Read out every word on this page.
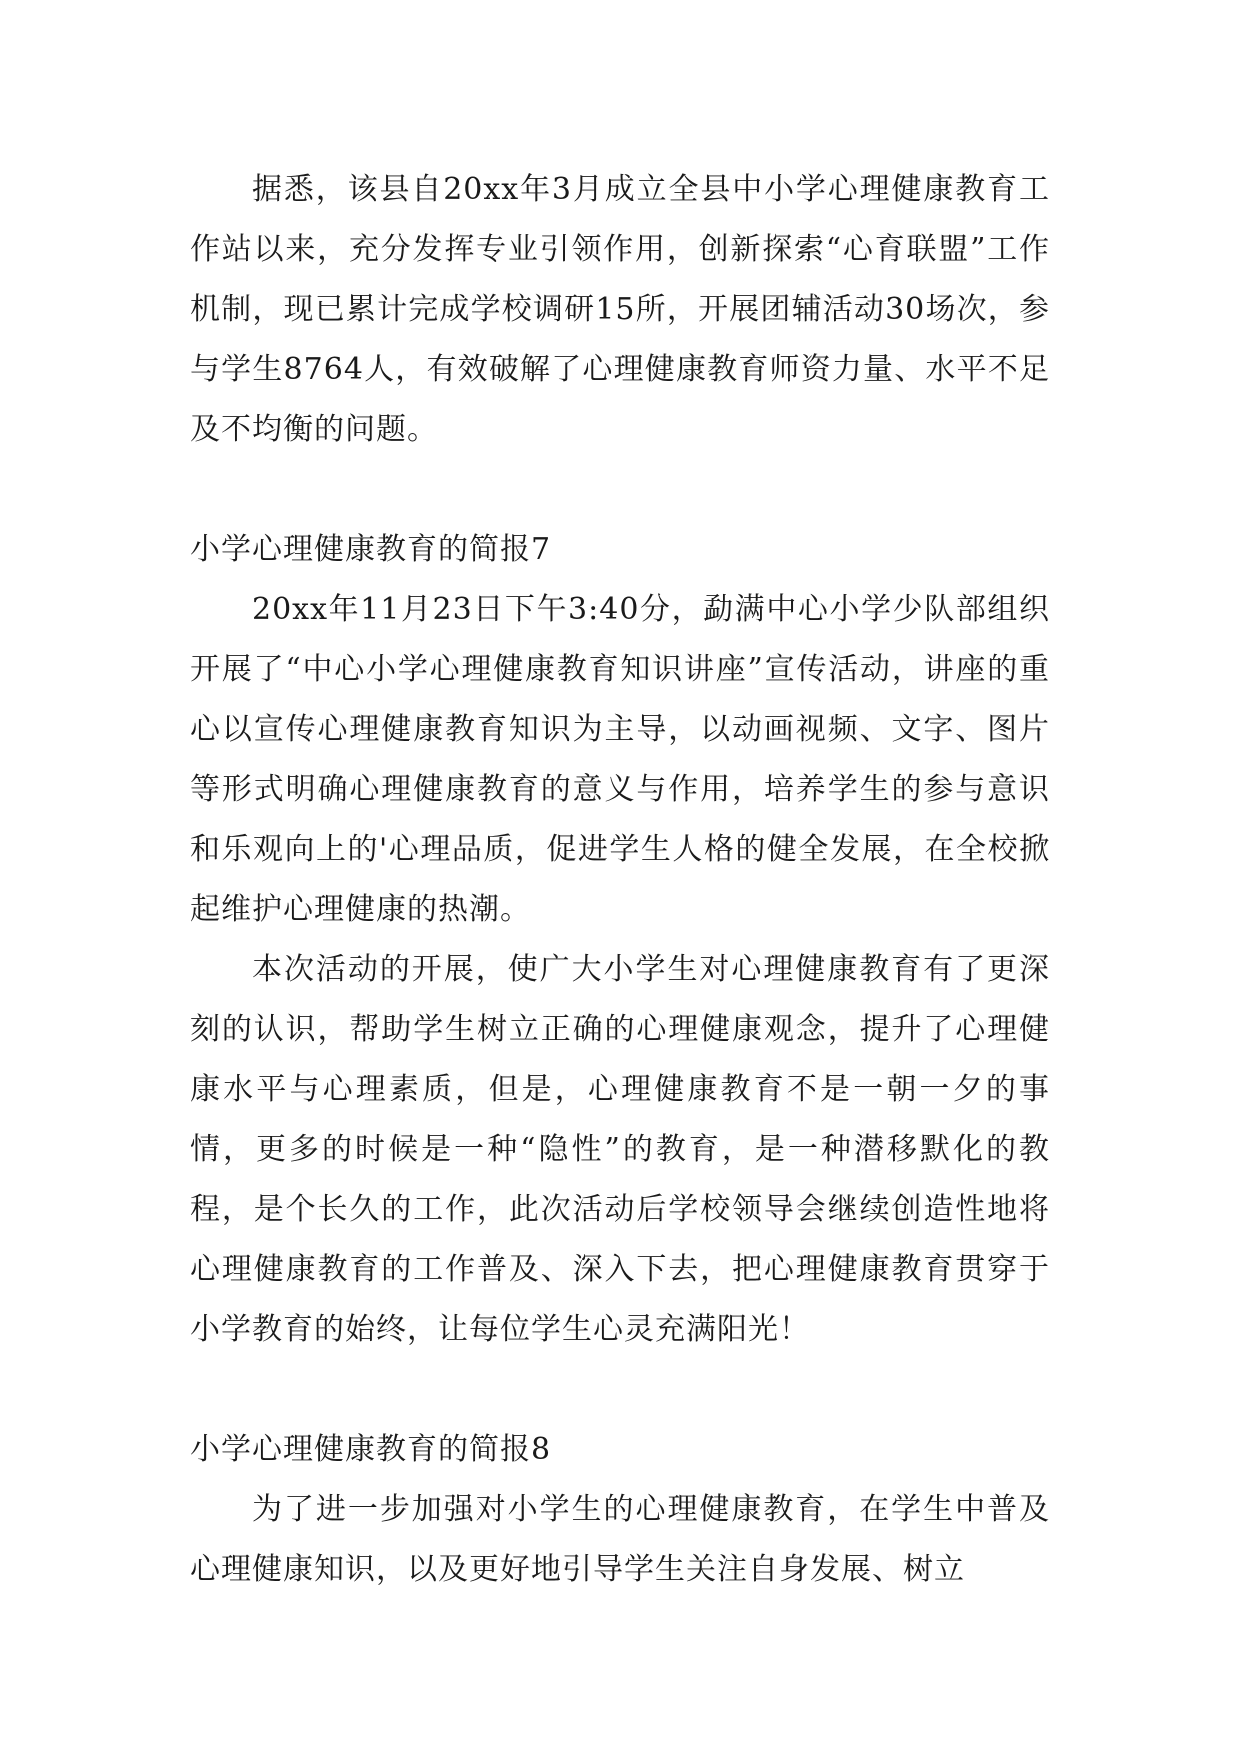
据悉，该县自20xx年3月成立全县中小学心理健康教育工作站以来，充分发挥专业引领作用，创新探索“心育联盟”工作机制，现已累计完成学校调研15所，开展团辅活动30场次，参与学生8764人，有效破解了心理健康教育师资力量、水平不足及不均衡的问题。

小学心理健康教育的简报7

20xx年11月23日下午3:40分，勐满中心小学少队部组织开展了“中心小学心理健康教育知识讲座”宣传活动，讲座的重心以宣传心理健康教育知识为主导，以动画视频、文字、图片等形式明确心理健康教育的意义与作用，培养学生的参与意识和乐观向上的'心理品质，促进学生人格的健全发展，在全校掀起维护心理健康的热潮。

本次活动的开展，使广大小学生对心理健康教育有了更深刻的认识，帮助学生树立正确的心理健康观念，提升了心理健康水平与心理素质，但是，心理健康教育不是一朝一夕的事情，更多的时候是一种“隐性”的教育，是一种潜移默化的教程，是个长久的工作，此次活动后学校领导会继续创造性地将心理健康教育的工作普及、深入下去，把心理健康教育贯穿于小学教育的始终，让每位学生心灵充满阳光！

小学心理健康教育的简报8

为了进一步加强对小学生的心理健康教育，在学生中普及心理健康知识，以及更好地引导学生关注自身发展、树立
